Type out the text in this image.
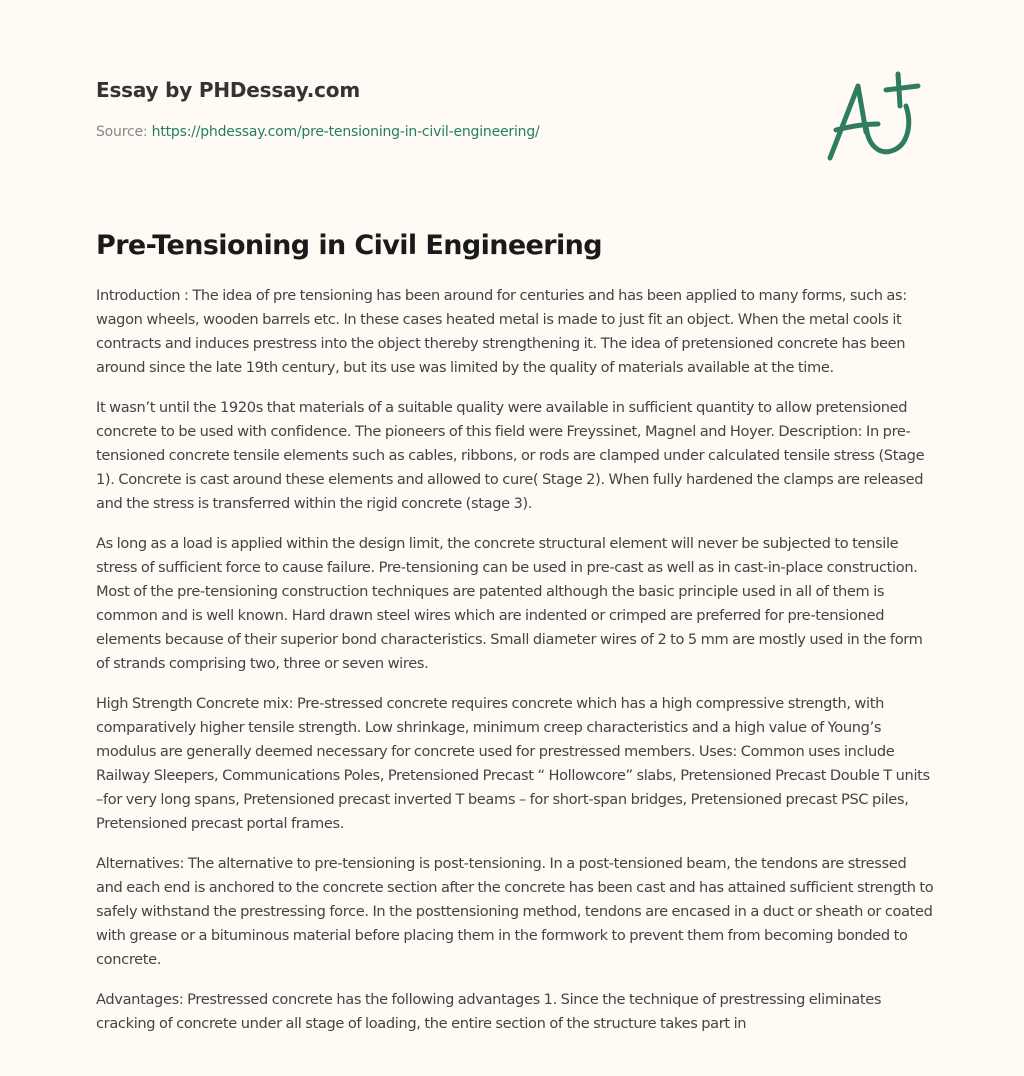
Essay by PHDessay.com
Source: https://phdessay.com/pre-tensioning-in-civil-engineering/
Pre-Tensioning in Civil Engineering

Introduction : The idea of pre tensioning has been around for centuries and has been applied to many forms, such as: wagon wheels, wooden barrels etc. In these cases heated metal is made to just fit an object. When the metal cools it contracts and induces prestress into the object thereby strengthening it. The idea of pretensioned concrete has been around since the late 19th century, but its use was limited by the quality of materials available at the time.

It wasn’t until the 1920s that materials of a suitable quality were available in sufficient quantity to allow pretensioned concrete to be used with confidence. The pioneers of this field were Freyssinet, Magnel and Hoyer. Description: In pre-tensioned concrete tensile elements such as cables, ribbons, or rods are clamped under calculated tensile stress (Stage 1). Concrete is cast around these elements and allowed to cure( Stage 2). When fully hardened the clamps are released and the stress is transferred within the rigid concrete (stage 3).

As long as a load is applied within the design limit, the concrete structural element will never be subjected to tensile stress of sufficient force to cause failure. Pre-tensioning can be used in pre-cast as well as in cast-in-place construction. Most of the pre-tensioning construction techniques are patented although the basic principle used in all of them is common and is well known. Hard drawn steel wires which are indented or crimped are preferred for pre-tensioned elements because of their superior bond characteristics. Small diameter wires of 2 to 5 mm are mostly used in the form of strands comprising two, three or seven wires.

High Strength Concrete mix: Pre-stressed concrete requires concrete which has a high compressive strength, with comparatively higher tensile strength. Low shrinkage, minimum creep characteristics and a high value of Young’s modulus are generally deemed necessary for concrete used for prestressed members. Uses: Common uses include Railway Sleepers, Communications Poles, Pretensioned Precast “ Hollowcore” slabs, Pretensioned Precast Double T units –for very long spans, Pretensioned precast inverted T beams – for short-span bridges, Pretensioned precast PSC piles, Pretensioned precast portal frames.

Alternatives: The alternative to pre-tensioning is post-tensioning. In a post-tensioned beam, the tendons are stressed and each end is anchored to the concrete section after the concrete has been cast and has attained sufficient strength to safely withstand the prestressing force. In the posttensioning method, tendons are encased in a duct or sheath or coated with grease or a bituminous material before placing them in the formwork to prevent them from becoming bonded to concrete.

Advantages: Prestressed concrete has the following advantages 1. Since the technique of prestressing eliminates cracking of concrete under all stage of loading, the entire section of the structure takes part in
